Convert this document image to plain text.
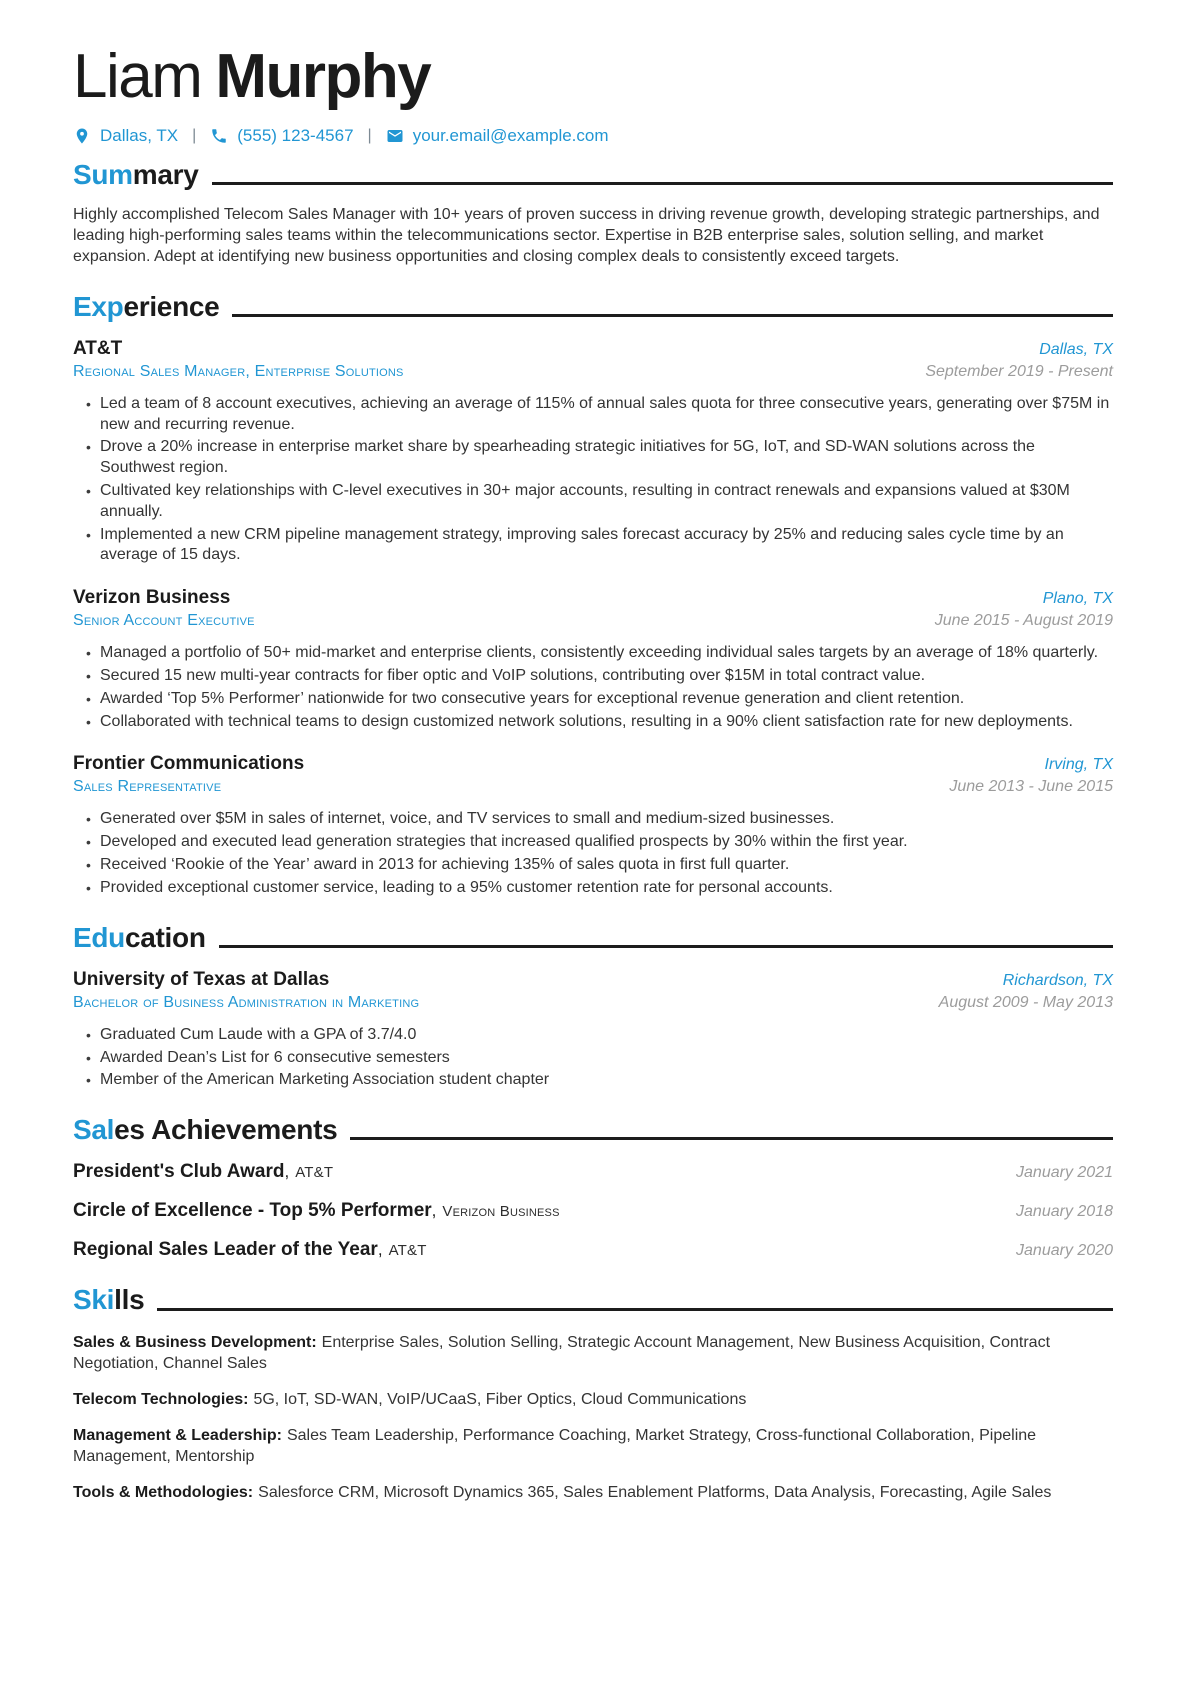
Liam Murphy
Dallas, TX | (555) 123-4567 | your.email@example.com
Sum mary

Highly accomplished Telecom Sales Manager with 10+ years of proven success in driving revenue growth, developing strategic partnerships, and leading high-performing sales teams within the telecommunications sector. Expertise in B2B enterprise sales, solution selling, and market expansion. Adept at identifying new business opportunities and closing complex deals to consistently exceed targets.

Exp erience
AT&T	Dallas, TX
Regional Sales Manager, Enterprise Solutions	September 2019 - Present
• Led a team of 8 account executives, achieving an average of 115% of annual sales quota for three consecutive years, generating over $75M in new and recurring revenue.
• Drove a 20% increase in enterprise market share by spearheading strategic initiatives for 5G, IoT, and SD-WAN solutions across the Southwest region.
• Cultivated key relationships with C-level executives in 30+ major accounts, resulting in contract renewals and expansions valued at $30M annually.
• Implemented a new CRM pipeline management strategy, improving sales forecast accuracy by 25% and reducing sales cycle time by an average of 15 days.
Verizon Business	Plano, TX
Senior Account Executive	June 2015 - August 2019
• Managed a portfolio of 50+ mid-market and enterprise clients, consistently exceeding individual sales targets by an average of 18% quarterly.
• Secured 15 new multi-year contracts for fiber optic and VoIP solutions, contributing over $15M in total contract value.
• Awarded ‘Top 5% Performer’ nationwide for two consecutive years for exceptional revenue generation and client retention.
• Collaborated with technical teams to design customized network solutions, resulting in a 90% client satisfaction rate for new deployments.
Frontier Communications	Irving, TX
Sales Representative	June 2013 - June 2015
• Generated over $5M in sales of internet, voice, and TV services to small and medium-sized businesses.
• Developed and executed lead generation strategies that increased qualified prospects by 30% within the first year.
• Received ‘Rookie of the Year’ award in 2013 for achieving 135% of sales quota in first full quarter.
• Provided exceptional customer service, leading to a 95% customer retention rate for personal accounts.
Edu cation
University of Texas at Dallas	Richardson, TX
Bachelor of Business Administration in Marketing	August 2009 - May 2013
• Graduated Cum Laude with a GPA of 3.7/4.0
• Awarded Dean’s List for 6 consecutive semesters
• Member of the American Marketing Association student chapter
Sal es Achievements
President's Club Award, AT&T	January 2021
Circle of Excellence - Top 5% Performer, Verizon Business	January 2018
Regional Sales Leader of the Year, AT&T	January 2020
Ski lls

Sales & Business Development: Enterprise Sales, Solution Selling, Strategic Account Management, New Business Acquisition, Contract Negotiation, Channel Sales

Telecom Technologies: 5G, IoT, SD-WAN, VoIP/UCaaS, Fiber Optics, Cloud Communications

Management & Leadership: Sales Team Leadership, Performance Coaching, Market Strategy, Cross-functional Collaboration, Pipeline Management, Mentorship

Tools & Methodologies: Salesforce CRM, Microsoft Dynamics 365, Sales Enablement Platforms, Data Analysis, Forecasting, Agile Sales
